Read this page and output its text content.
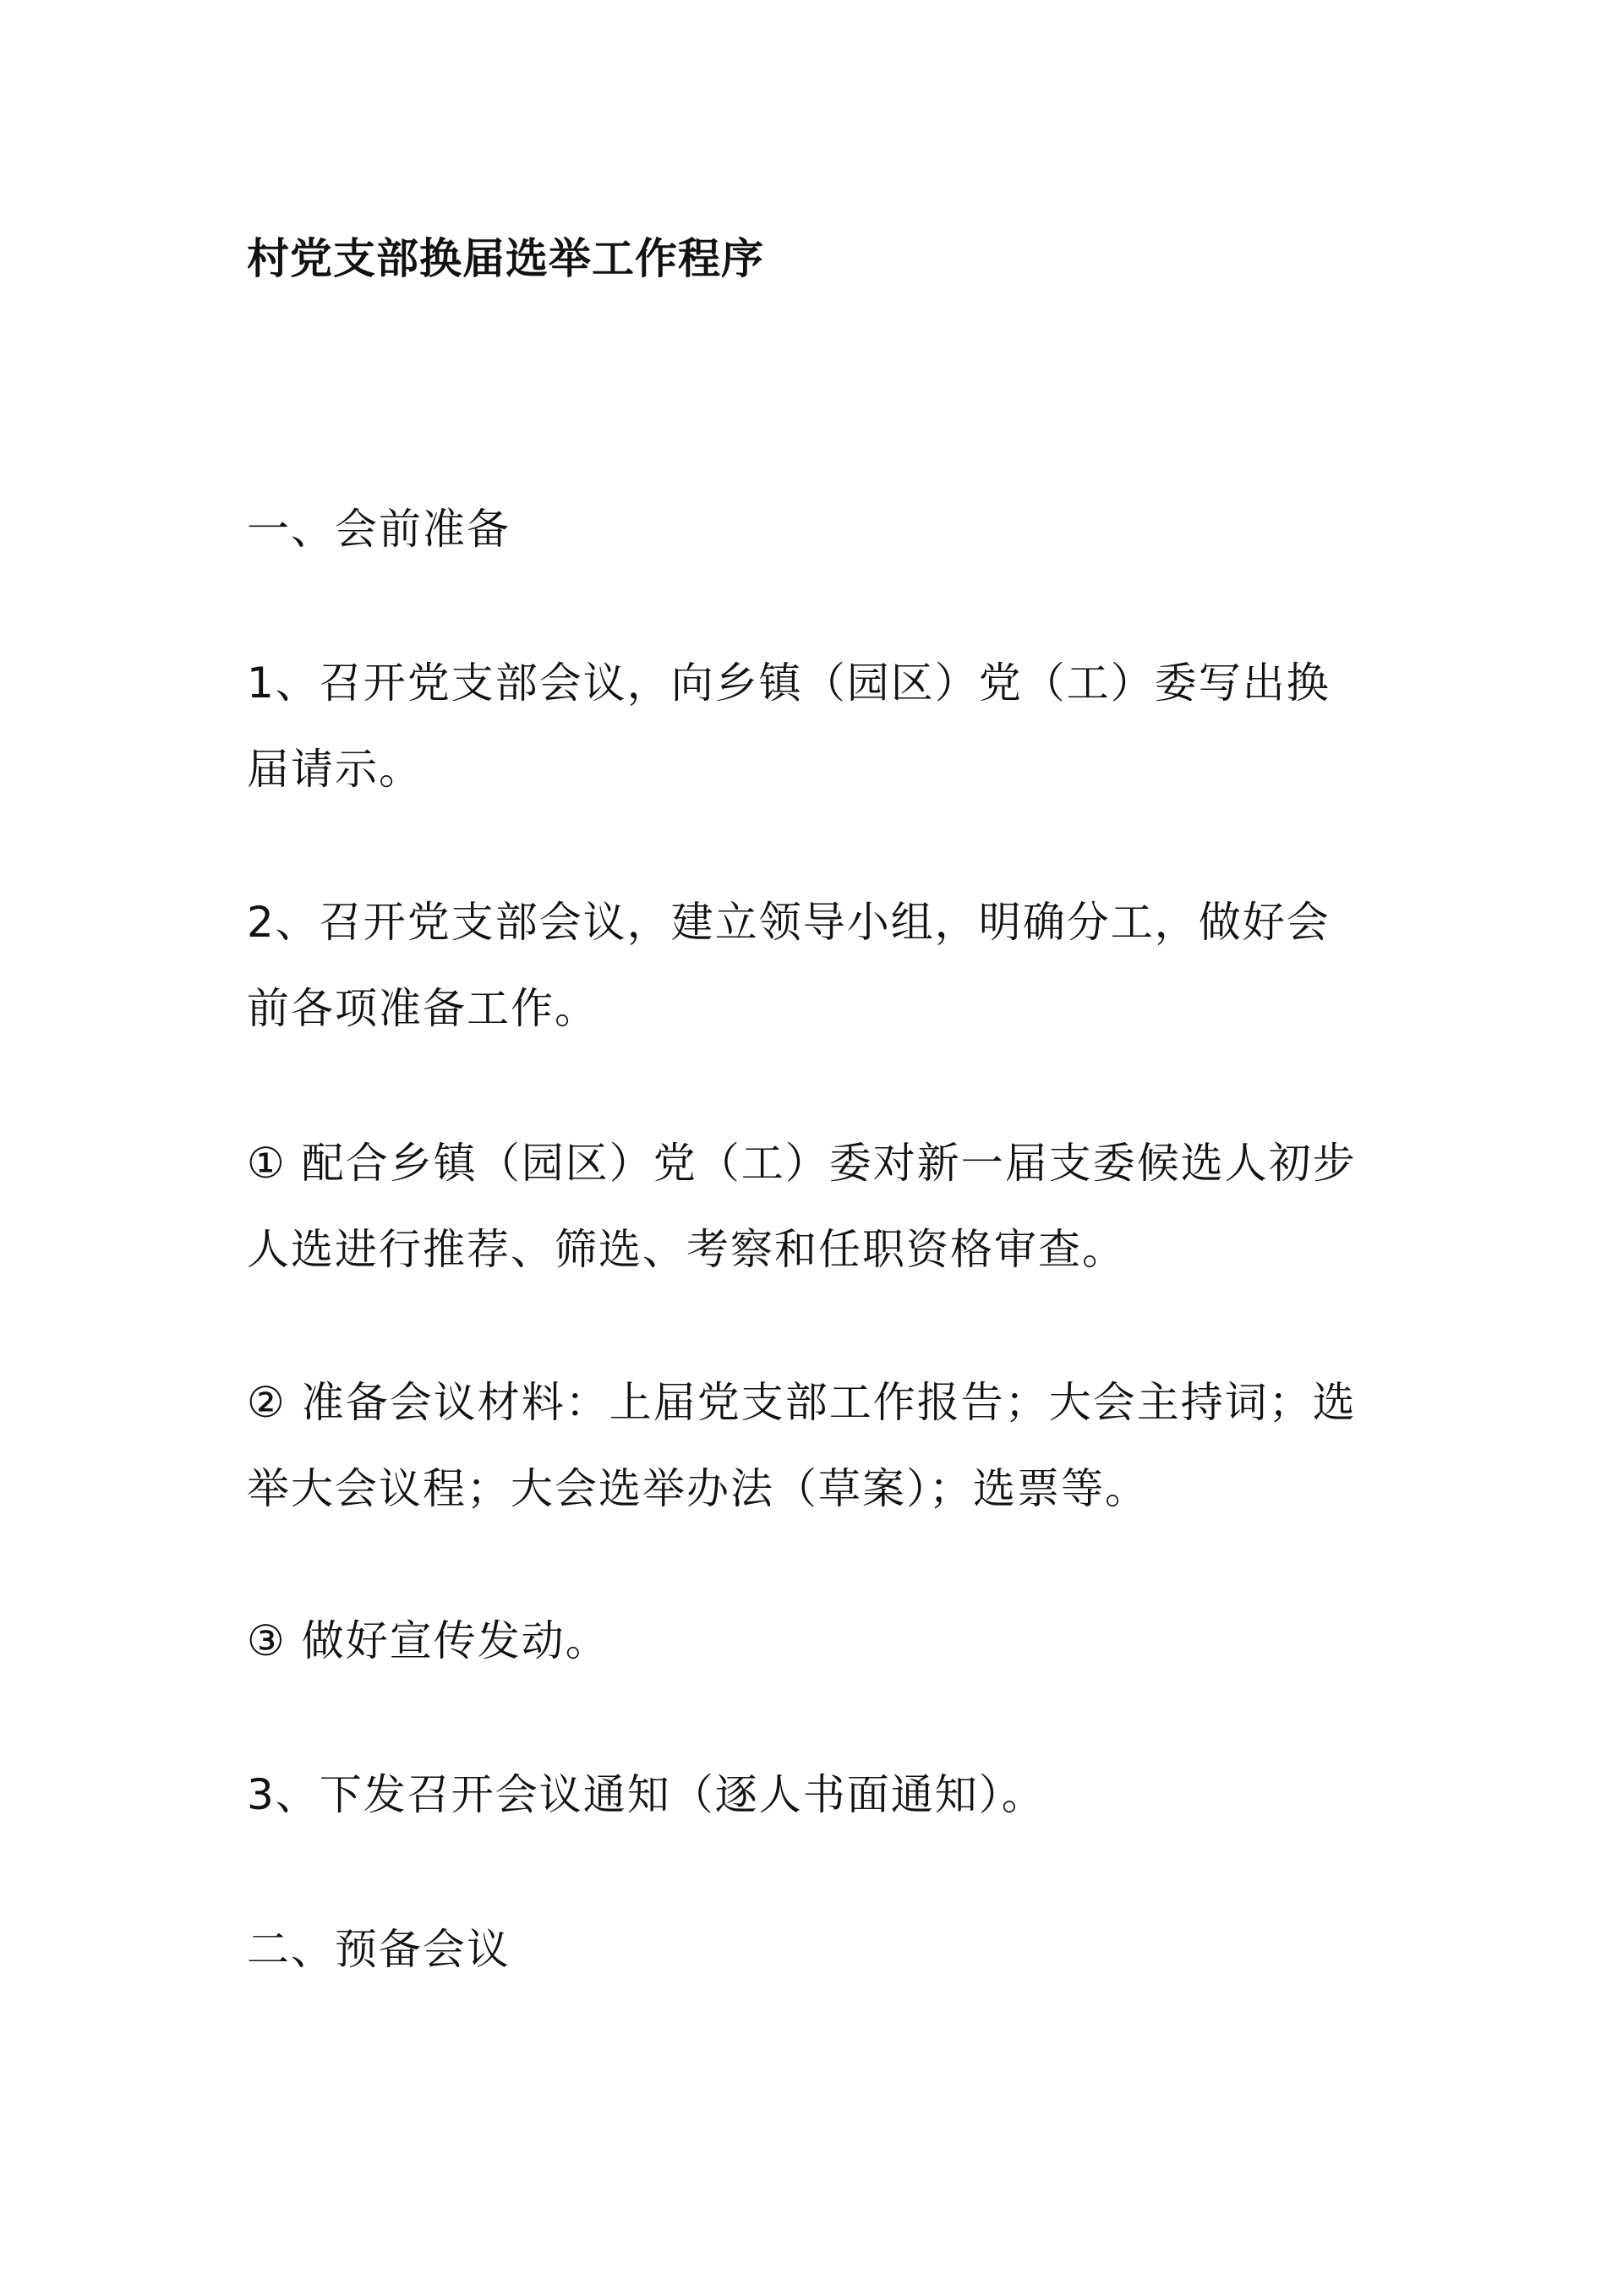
村党支部换届选举工作程序

一、会前准备

1、召开党支部会议，向乡镇（园区）党（工）委写出换
届请示。

2、召开党支部会议，建立领导小组，明确分工，做好会
前各项准备工作。

① 配合乡镇（园区）党（工）委对新一届支委候选人初步
人选进行推荐、筛选、考察和任职资格审查。

② 准备会议材料：上届党支部工作报告；大会主持词；选
举大会议程；大会选举办法（草案）；选票等。

③ 做好宣传发动。

3、下发召开会议通知（逐人书面通知）。

二、预备会议
